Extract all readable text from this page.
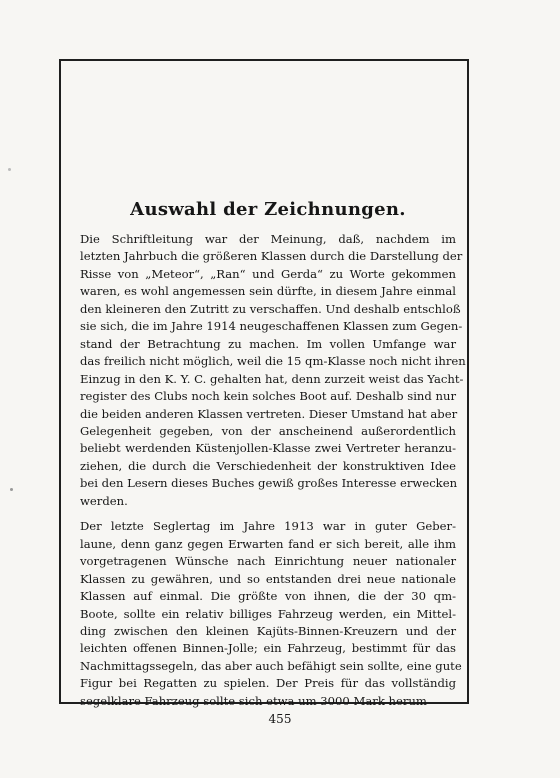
Auswahl der Zeichnungen.
Die Schriftleitung war der Meinung, daß, nachdem im
letzten Jahrbuch die größeren Klassen durch die Darstellung der
Risse von „Meteor“, „Ran“ und Gerda“ zu Worte gekommen
waren, es wohl angemessen sein dürfte, in diesem Jahre einmal
den kleineren den Zutritt zu verschaffen. Und deshalb entschloß
sie sich, die im Jahre 1914 neugeschaffenen Klassen zum Gegen-
stand der Betrachtung zu machen. Im vollen Umfange war
das freilich nicht möglich, weil die 15 qm-Klasse noch nicht ihren
Einzug in den K. Y. C. gehalten hat, denn zurzeit weist das Yacht-
register des Clubs noch kein solches Boot auf. Deshalb sind nur
die beiden anderen Klassen vertreten. Dieser Umstand hat aber
Gelegenheit gegeben, von der anscheinend außerordentlich
beliebt werdenden Küstenjollen-Klasse zwei Vertreter heranzu-
ziehen, die durch die Verschiedenheit der konstruktiven Idee
bei den Lesern dieses Buches gewiß großes Interesse erwecken
werden.
Der letzte Seglertag im Jahre 1913 war in guter Geber-
laune, denn ganz gegen Erwarten fand er sich bereit, alle ihm
vorgetragenen Wünsche nach Einrichtung neuer nationaler
Klassen zu gewähren, und so entstanden drei neue nationale
Klassen auf einmal. Die größte von ihnen, die der 30 qm-
Boote, sollte ein relativ billiges Fahrzeug werden, ein Mittel-
ding zwischen den kleinen Kajüts-Binnen-Kreuzern und der
leichten offenen Binnen-Jolle; ein Fahrzeug, bestimmt für das
Nachmittagssegeln, das aber auch befähigt sein sollte, eine gute
Figur bei Regatten zu spielen. Der Preis für das vollständig
segelklare Fahrzeug sollte sich etwa um 3000 Mark herum
455
